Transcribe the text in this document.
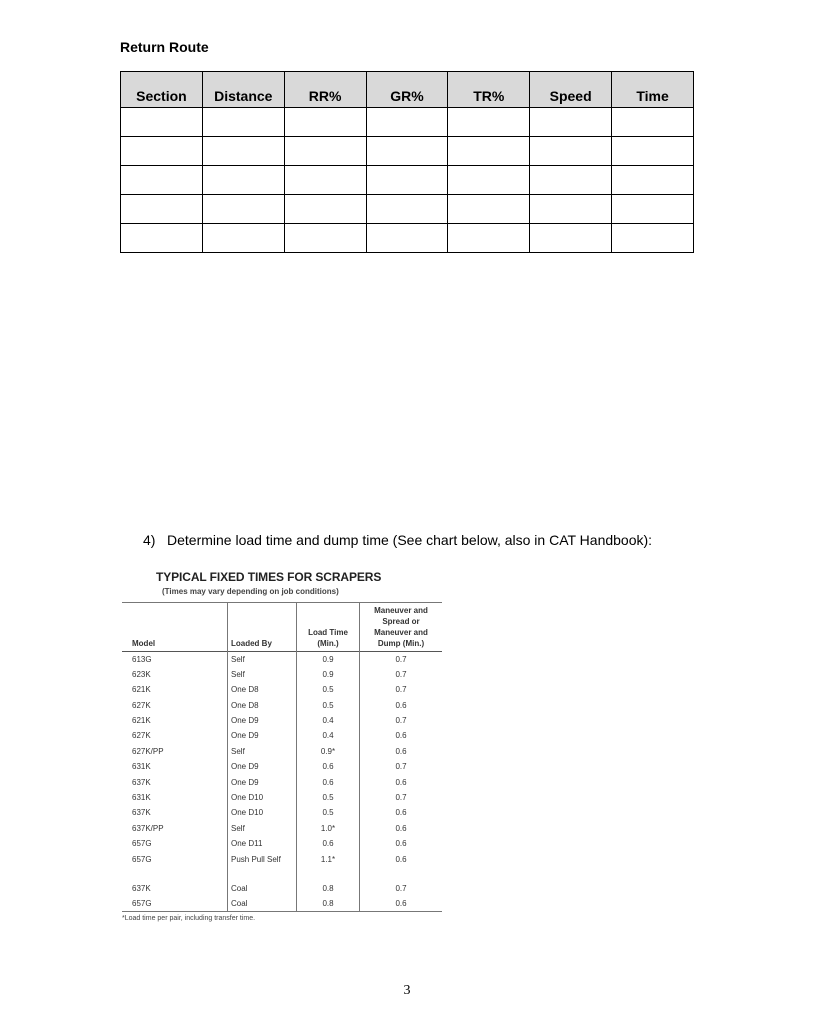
Return Route
Section	Distance	RR%	GR%	TR%	Speed	Time

4) Determine load time and dump time (See chart below, also in CAT Handbook):
TYPICAL FIXED TIMES FOR SCRAPERS
(Times may vary depending on job conditions)
Model	Loaded By	Load Time (Min.)	Maneuver and Spread or Maneuver and Dump (Min.)
613G	Self	0.9	0.7
623K	Self	0.9	0.7
621K	One D8	0.5	0.7
627K	One D8	0.5	0.6
621K	One D9	0.4	0.7
627K	One D9	0.4	0.6
627K/PP	Self	0.9*	0.6
631K	One D9	0.6	0.7
637K	One D9	0.6	0.6
631K	One D10	0.5	0.7
637K	One D10	0.5	0.6
637K/PP	Self	1.0*	0.6
657G	One D11	0.6	0.6
657G	Push Pull Self	1.1*	0.6
637K	Coal	0.8	0.7
657G	Coal	0.8	0.6
*Load time per pair, including transfer time.
3
